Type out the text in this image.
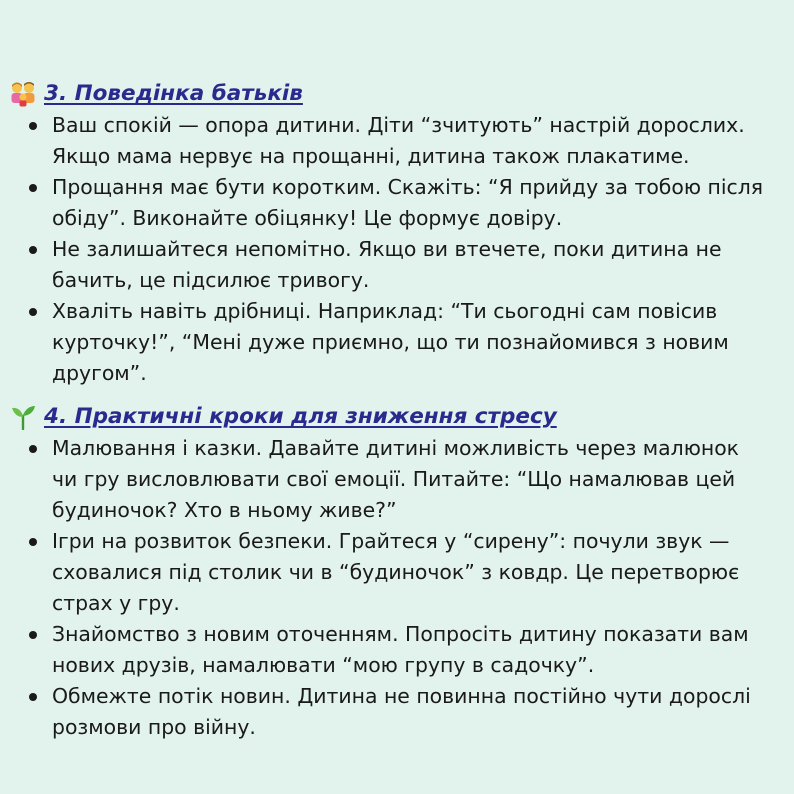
3. Поведінка батьків
Ваш спокій — опора дитини. Діти “зчитують” настрій дорослих. Якщо мама нервує на прощанні, дитина також плакатиме.
Прощання має бути коротким. Скажіть: “Я прийду за тобою після обіду”. Виконайте обіцянку! Це формує довіру.
Не залишайтеся непомітно. Якщо ви втечете, поки дитина не бачить, це підсилює тривогу.
Хваліть навіть дрібниці. Наприклад: “Ти сьогодні сам повісив курточку!”, “Мені дуже приємно, що ти познайомився з новим другом”.
4. Практичні кроки для зниження стресу
Малювання і казки. Давайте дитині можливість через малюнок чи гру висловлювати свої емоції. Питайте: “Що намалював цей будиночок? Хто в ньому живе?”
Ігри на розвиток безпеки. Грайтеся у “сирену”: почули звук — сховалися під столик чи в “будиночок” з ковдр. Це перетворює страх у гру.
Знайомство з новим оточенням. Попросіть дитину показати вам нових друзів, намалювати “мою групу в садочку”.
Обмежте потік новин. Дитина не повинна постійно чути дорослі розмови про війну.
